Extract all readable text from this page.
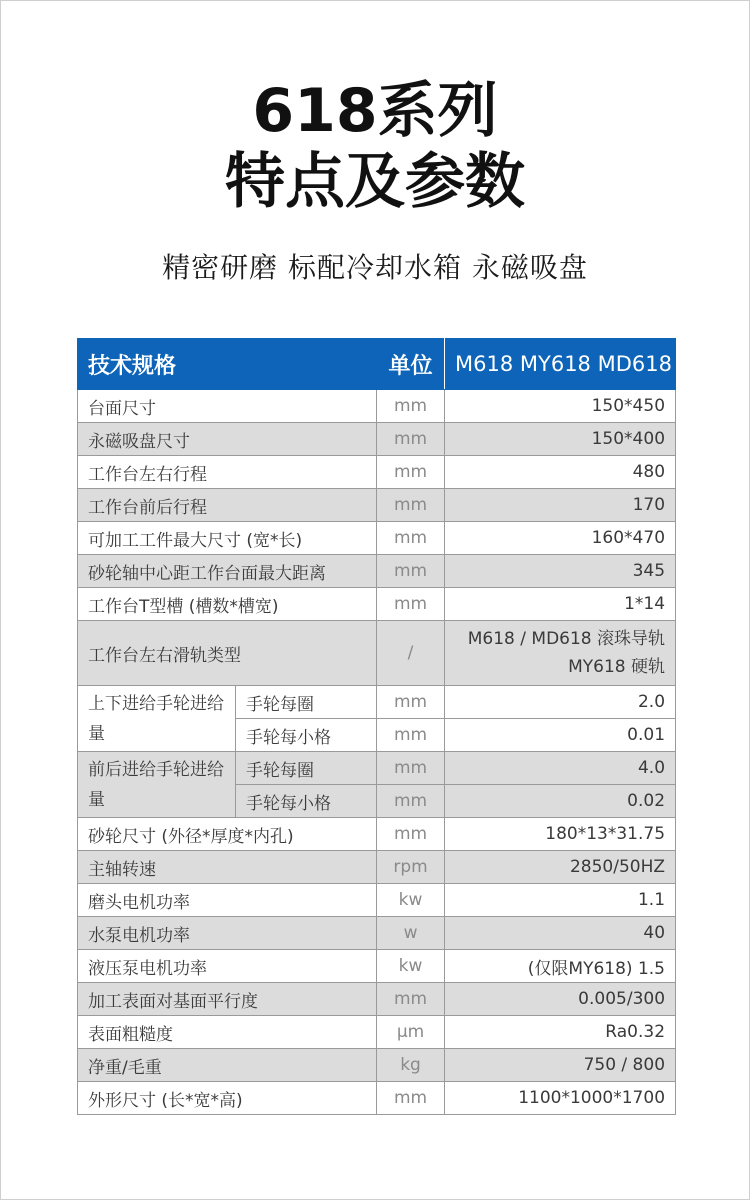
618系列
特点及参数
精密研磨 标配冷却水箱 永磁吸盘
技术规格		单位	M618 MY618 MD618
台面尺寸		mm	150*450
永磁吸盘尺寸		mm	150*400
工作台左右行程		mm	480
工作台前后行程		mm	170
可加工工件最大尺寸 (宽*长)		mm	160*470
砂轮轴中心距工作台面最大距离		mm	345
工作台T型槽 (槽数*槽宽)		mm	1*14
工作台左右滑轨类型		/	M618 / MD618 滚珠导轨
MY618 硬轨

上下进给手轮进给量	手轮每圈	mm	2.0
	手轮每小格	mm	0.01
前后进给手轮进给量	手轮每圈	mm	4.0
	手轮每小格	mm	0.02
砂轮尺寸 (外径*厚度*内孔)		mm	180*13*31.75
主轴转速		rpm	2850/50HZ
磨头电机功率		kw	1.1
水泵电机功率		w	40
液压泵电机功率		kw	(仅限MY618) 1.5
加工表面对基面平行度		mm	0.005/300
表面粗糙度		μm	Ra0.32
净重/毛重		kg	750 / 800
外形尺寸 (长*宽*高)		mm	1100*1000*1700
